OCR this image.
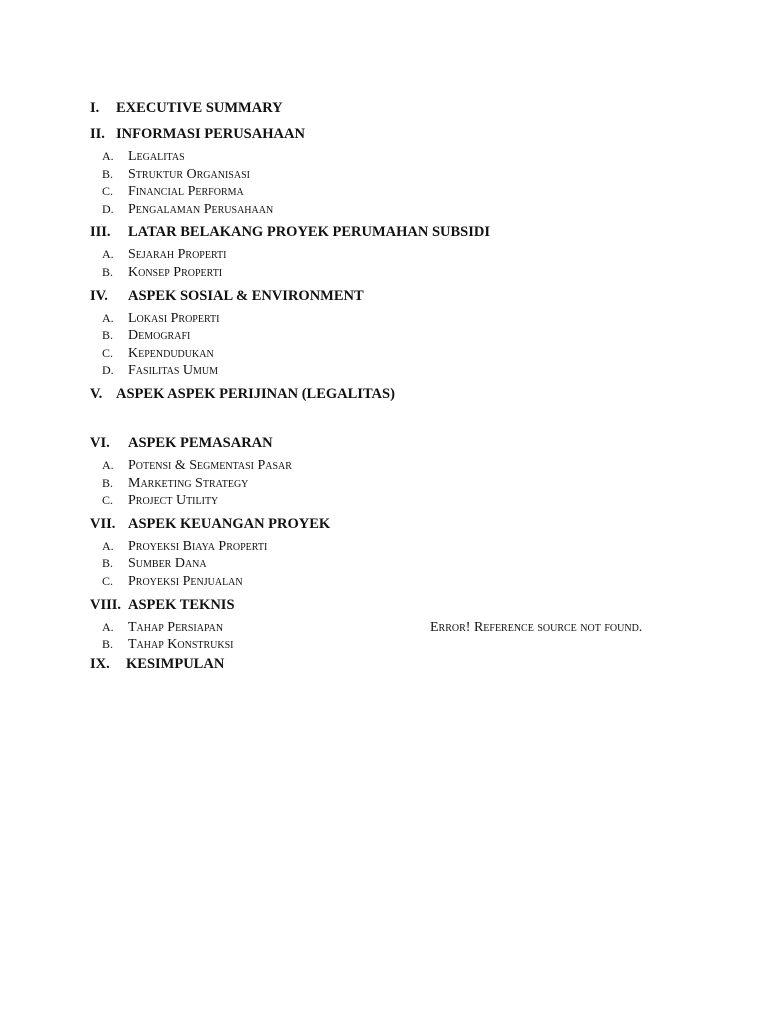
I.	EXECUTIVE SUMMARY
II. INFORMASI PERUSAHAAN
A.	Legalitas
B.	Struktur Organisasi
C.	Financial Performa
D.	Pengalaman Perusahaan
III.	LATAR BELAKANG PROYEK PERUMAHAN SUBSIDI
A.	Sejarah Properti
B.	Konsep Properti
IV.	ASPEK SOSIAL & ENVIRONMENT
A.	Lokasi Properti
B.	Demografi
C.	Kependudukan
D.	Fasilitas Umum
V. ASPEK ASPEK PERIJINAN (LEGALITAS)
VI.	ASPEK PEMASARAN
A.	Potensi & Segmentasi Pasar
B.	Marketing Strategy
C.	Project Utility
VII. ASPEK KEUANGAN PROYEK
A.	Proyeksi Biaya Properti
B.	Sumber Dana
C.	Proyeksi Penjualan
VIII. ASPEK TEKNIS
A.	Tahap Persiapan	Error! Reference source not found.
B.	Tahap Konstruksi
IX.	KESIMPULAN
